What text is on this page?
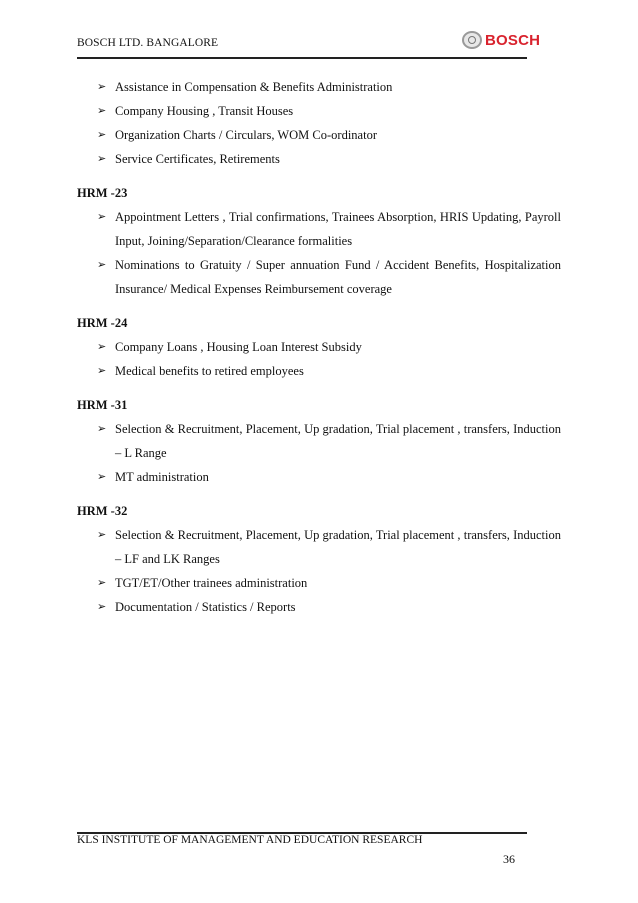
BOSCH LTD. BANGALORE	BOSCH
➢ Assistance in Compensation & Benefits Administration
➢ Company Housing , Transit Houses
➢ Organization Charts / Circulars, WOM Co-ordinator
➢ Service Certificates, Retirements

HRM -23

➢ Appointment Letters , Trial confirmations, Trainees Absorption, HRIS Updating, Payroll Input, Joining/Separation/Clearance formalities
➢ Nominations to Gratuity / Super annuation Fund / Accident Benefits, Hospitalization Insurance/ Medical Expenses Reimbursement coverage

HRM -24

➢ Company Loans , Housing Loan Interest Subsidy
➢ Medical benefits to retired employees

HRM -31

➢ Selection & Recruitment, Placement, Up gradation, Trial placement , transfers, Induction – L Range
➢ MT administration

HRM -32

➢ Selection & Recruitment, Placement, Up gradation, Trial placement , transfers, Induction – LF and LK Ranges
➢ TGT/ET/Other trainees administration
➢ Documentation / Statistics / Reports
KLS INSTITUTE OF MANAGEMENT AND EDUCATION RESEARCH
36
